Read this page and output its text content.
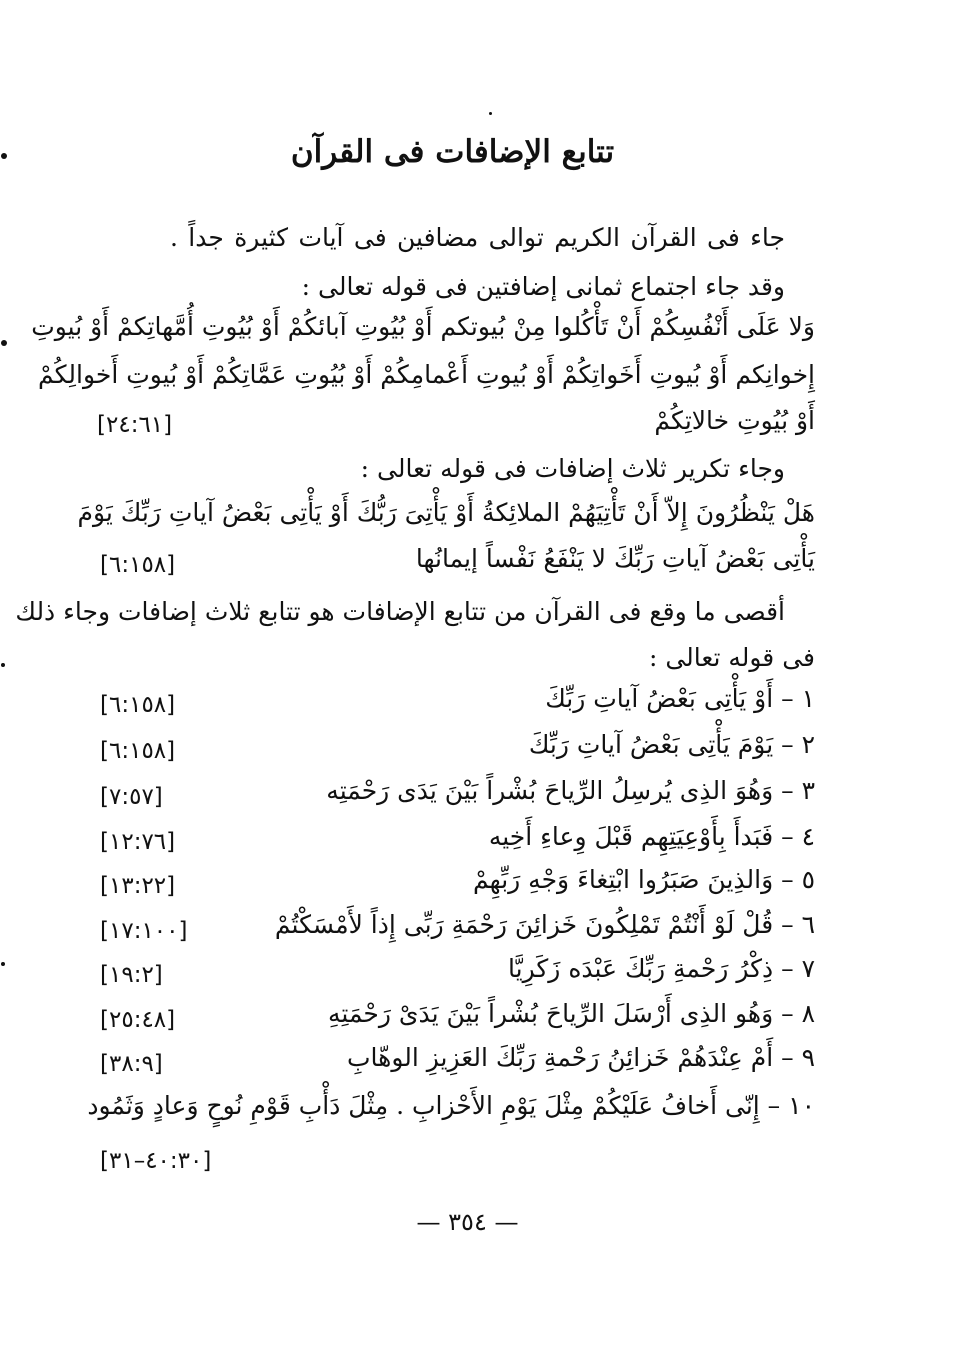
تتابع الإضافات فى القرآن
جاء فى القرآن الكريم توالى مضافين فى آيات كثيرة جداً .
وقد جاء اجتماع ثمانى إضافتين فى قوله تعالى :
وَلا عَلَى أَنْفُسِكُمْ أَنْ تَأْكُلوا مِنْ بُيوتكم أَوْ بُيُوتِ آبائكُمْ أَوْ بُيُوتِ أُمَّهاتِكمْ أَوْ بُيوتِ
إِخوانِكم أَوْ بُيوتِ أَخَواتِكُمْ أَوْ بُيوتِ أَعْمامِكُمْ أَوْ بُيُوتِ عَمَّاتِكُمْ أَوْ بُيوتِ أَخوالِكُمْ
أَوْ بُيُوتِ خالاتِكُمْ
[٢٤:٦١]
وجاء تكرير ثلاث إضافات فى قوله تعالى :
هَلْ يَنْظُرُونَ إِلاّ أَنْ تَأْتِيَهُمْ الملائِكةُ أَوْ يَأْتِىَ رَبُّكَ أَوْ يَأْتِى بَعْضُ آياتِ رَبِّكَ يَوْمَ
يَأْتِى بَعْضُ آياتِ رَبِّكَ لا يَنْفَعُ نَفْساً إيمانُها
[٦:١٥٨]
أقصى ما وقع فى القرآن من تتابع الإضافات هو تتابع ثلاث إضافات وجاء ذلك
فى قوله تعالى :
١ – أَوْ يَأْتِى بَعْضُ آياتِ رَبِّكَ
[٦:١٥٨]
٢ – يَوْمَ يَأْتِى بَعْضُ آياتِ رَبِّكَ
[٦:١٥٨]
٣ – وَهُوَ الذِى يُرسِلُ الرِّياحَ بُشْراً بَيْنَ يَدَى رَحْمَتِه
[٧:٥٧]
٤ – فَبَدأَ بِأَوْعِيَتِهِم قَبْلَ وِعاءِ أَخِيه
[١٢:٧٦]
٥ – وَالذِينَ صَبَرُوا ابْتِغاءَ وَجْهِ رَبِّهِمْ
[١٣:٢٢]
٦ – قُلْ لَوْ أَنْتُمْ تَمْلِكُونَ خَزائِنَ رَحْمَةِ رَبِّى إِذاً لأَمْسَكْتُمْ
[١٧:١٠٠]
٧ – ذِكْرُ رَحْمةِ رَبِّكَ عَبْدَه زَكَرِيَّا
[١٩:٢]
٨ – وَهُو الذِى أَرْسَلَ الرِّياحَ بُشْراً بَيْنَ يَدَىْ رَحْمَتِهِ
[٢٥:٤٨]
٩ – أَمْ عِنْدَهُمْ خَزائِنُ رَحْمةِ رَبِّكَ العَزِيزِ الوهّابِ
[٣٨:٩]
١٠ – إِنّى أَخافُ عَلَيْكُمْ مِثْلَ يَوْمِ الأَحْزابِ . مِثْلَ دَأْبِ قَوْمِ نُوحٍ وَعادٍ وَثَمُود
[٤٠:٣٠–٣١]
— ٣٥٤ —
